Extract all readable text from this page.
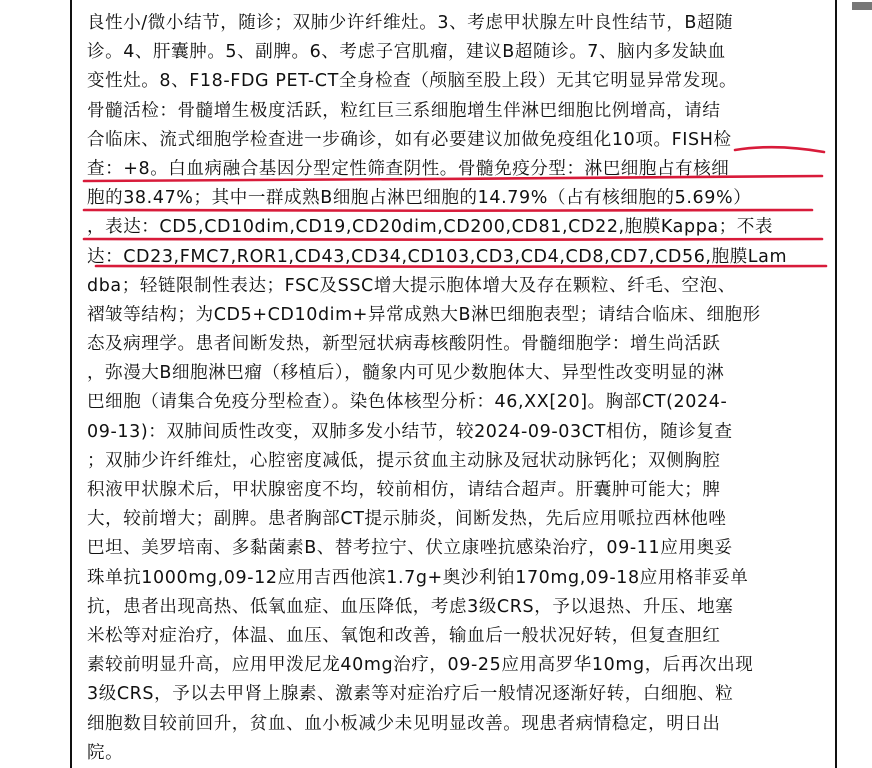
良性小/微小结节，随诊；双肺少许纤维灶。3、考虑甲状腺左叶良性结节，B超随
诊。4、肝囊肿。5、副脾。6、考虑子宫肌瘤，建议B超随诊。7、脑内多发缺血
变性灶。8、F18-FDG PET-CT全身检查（颅脑至股上段）无其它明显异常发现。
骨髓活检：骨髓增生极度活跃，粒红巨三系细胞增生伴淋巴细胞比例增高，请结
合临床、流式细胞学检查进一步确诊，如有必要建议加做免疫组化10项。FISH检
查：+8。白血病融合基因分型定性筛查阴性。骨髓免疫分型：淋巴细胞占有核细
胞的38.47%；其中一群成熟B细胞占淋巴细胞的14.79%（占有核细胞的5.69%）
，表达：CD5,CD10dim,CD19,CD20dim,CD200,CD81,CD22,胞膜Kappa；不表
达：CD23,FMC7,ROR1,CD43,CD34,CD103,CD3,CD4,CD8,CD7,CD56,胞膜Lam
dba；轻链限制性表达；FSC及SSC增大提示胞体增大及存在颗粒、纤毛、空泡、
褶皱等结构；为CD5+CD10dim+异常成熟大B淋巴细胞表型；请结合临床、细胞形
态及病理学。患者间断发热，新型冠状病毒核酸阴性。骨髓细胞学：增生尚活跃
，弥漫大B细胞淋巴瘤（移植后），髓象内可见少数胞体大、异型性改变明显的淋
巴细胞（请集合免疫分型检查）。染色体核型分析：46,XX[20]。胸部CT(2024-
09-13)：双肺间质性改变，双肺多发小结节，较2024-09-03CT相仿，随诊复查
；双肺少许纤维灶，心腔密度减低，提示贫血主动脉及冠状动脉钙化；双侧胸腔
积液甲状腺术后，甲状腺密度不均，较前相仿，请结合超声。肝囊肿可能大；脾
大，较前增大；副脾。患者胸部CT提示肺炎，间断发热，先后应用哌拉西林他唑
巴坦、美罗培南、多黏菌素B、替考拉宁、伏立康唑抗感染治疗，09-11应用奥妥
珠单抗1000mg,09-12应用吉西他滨1.7g+奥沙利铂170mg,09-18应用格菲妥单
抗，患者出现高热、低氧血症、血压降低，考虑3级CRS，予以退热、升压、地塞
米松等对症治疗，体温、血压、氧饱和改善，输血后一般状况好转，但复查胆红
素较前明显升高，应用甲泼尼龙40mg治疗，09-25应用高罗华10mg，后再次出现
3级CRS，予以去甲肾上腺素、激素等对症治疗后一般情况逐渐好转，白细胞、粒
细胞数目较前回升，贫血、血小板减少未见明显改善。现患者病情稳定，明日出
院。
